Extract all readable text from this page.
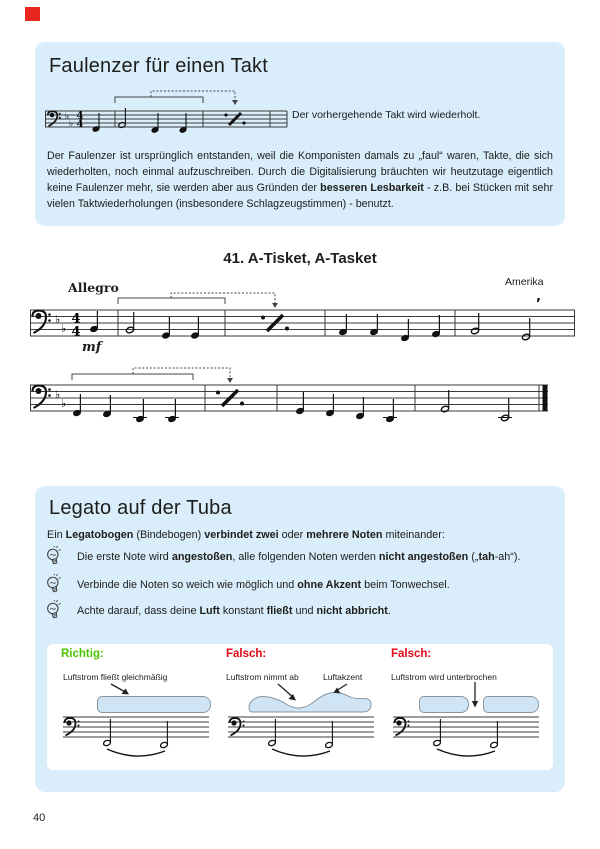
Faulenzer für einen Takt
♭
♭
4
4
Der vorhergehende Takt wird wiederholt.
Der Faulenzer ist ursprünglich entstanden, weil die Komponisten damals zu „faul“ waren, Takte, die sich wiederholten, noch einmal aufzuschreiben. Durch die Digitalisierung bräuchten wir heutzutage eigentlich keine Faulenzer mehr, sie werden aber aus Gründen der besseren Lesbarkeit - z.B. bei Stücken mit sehr vielen Taktwiederholungen (insbesondere Schlagzeugstimmen) - benutzt.
41. A-Tisket, A-Tasket
Allegro	Amerika
mf
♭
♭
4
4
’
♭
♭
Legato auf der Tuba
Ein Legatobogen (Bindebogen) verbindet zwei oder mehrere Noten miteinander:
Die erste Note wird angestoßen, alle folgenden Noten werden nicht angestoßen („tah-ah“).
Verbinde die Noten so weich wie möglich und ohne Akzent beim Tonwechsel.
Achte darauf, dass deine Luft konstant fließt und nicht abbricht.
Richtig:
Luftstrom fließt gleichmäßig
Falsch:
Luftstrom nimmt ab	Luftakzent
Falsch:
Luftstrom wird unterbrochen
40
